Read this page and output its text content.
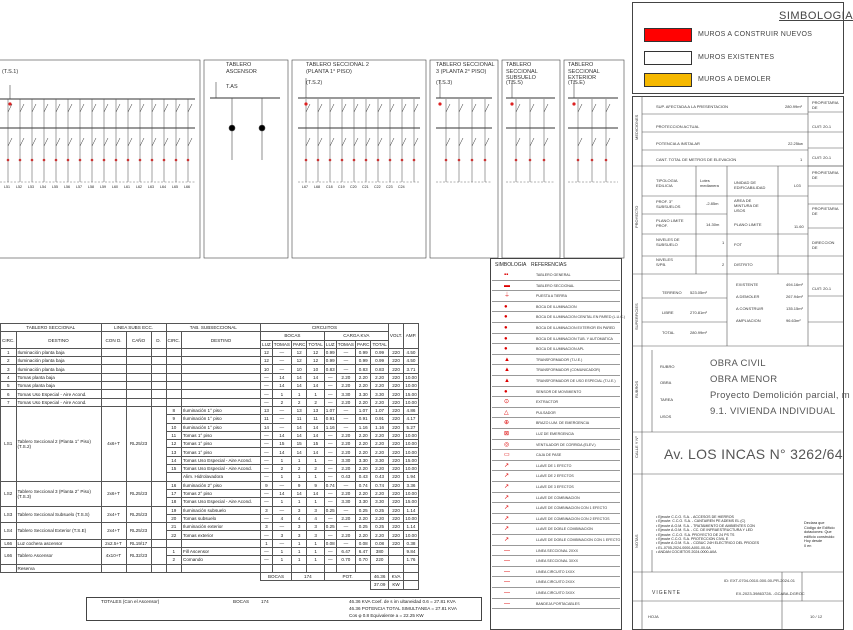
(T.S.1)
TABLERO ASCENSOR
T.AS
TABLERO SECCIONAL 2 (PLANTA 1° PISO)
(T.S.2)
TABLERO SECCIONAL 3 (PLANTA 2° PISO)
(T.S.3)
TABLERO SECCIONAL SUBSUELO
(T.S.S)
TABLERO SECCIONAL EXTERIOR
(T.S.E)
L51 L52 L53 L54 L55 L56 L57 L58 L59 L60 L61 L62 L63 L64 L65 L66	L67 L68 C18 C19 C20 C21 C22 C23 C24
SIMBOLOGIA
MUROS A CONSTRUIR NUEVOS
MUROS EXISTENTES
MUROS A DEMOLER
TABLERO SECCIONAL		LINEA SUBS ECC.			TAB. SUBSECCIONAL		CIRCUITOS								VOLT.	AMP.
CIRC.	DESTINO	CON D.	CAÑO	D.	CIRC.	DESTINO	BOCAS				CARGA KVA					
							LUZ	TOMAS	PARC	TOTAL	LUZ	TOMAS	PARC	TOTAL		
1	Iluminación planta baja						12	—	12	12	0.99	—	0.99	0.99	220	4.50
2	Iluminación planta baja						12	—	12	12	0.99	—	0.99	0.99	220	4.50
3	Iluminación planta baja						10	—	10	10	0.83	—	0.83	0.83	220	3.71
4	Tomas planta baja						—	14	14	14	—	2.20	2.20	2.20	220	10.00
5	Tomas planta baja						—	14	14	14	—	2.20	2.20	2.20	220	10.00
6	Tomas Uso Especial - Aire Acond.						—	1	1	1	—	3.30	3.30	3.30	220	15.00
7	Tomas Uso Especial - Aire Acond.						—	2	2	2	—	2.20	2.20	2.20	220	10.00
LS1	Tablero Seccional 2 (Planta 1° Piso) (T.S.2)	4x6+T	RL25/23		8	Iluminación 1° piso	13	—	13	13	1.07	—	1.07	1.07	220	4.86
					9	Iluminación 1° piso	11	—	11	11	0.91	—	0.91	0.91	220	4.17
					10	Iluminación 1° piso	14	—	14	14	1.16	—	1.16	1.16	220	5.27
					11	Tomas 1° piso	—	14	14	14	—	2.20	2.20	2.20	220	10.00
					12	Tomas 1° piso	—	15	15	15	—	2.20	2.20	2.20	220	10.00
					13	Tomas 1° piso	—	14	14	14	—	2.20	2.20	2.20	220	10.00
					14	Tomas Uso Especial - Aire Acond.	—	1	1	1	—	3.30	3.30	3.30	220	15.00
					15	Tomas Uso Especial - Aire Acond.	—	2	2	2	—	2.20	2.20	2.20	220	10.00
						Alim. Hidrolavadora	—	1	1	1	—	0.43	0.43	0.43	220	1.94
LS2	Tablero Seccional 3 (Planta 2° Piso) (T.S.3)	2x6+T	RL25/23		16	Iluminación 2° piso	9	—	9	9	0.74	—	0.74	0.74	220	3.36
					17	Tomas 2° piso	—	14	14	14	—	2.20	2.20	2.20	220	10.00
					18	Tomas Uso Especial - Aire Acond.	—	1	1	1	—	3.30	3.30	3.30	220	15.00
LS3	Tablero Seccional Subsuelo (T.S.S)	2x4+T	RL25/23		19	Iluminación subsuelo	3	—	3	3	0.25	—	0.25	0.25	220	1.14
					20	Tomas subsuelo	—	4	4	4	—	2.20	2.20	2.20	220	10.00
LS4	Tablero Seccional Exterior (T.S.E)	2x4+T	RL25/23		21	Iluminación exterior	3	—	3	3	0.25	—	0.25	0.25	220	1.14
					22	Tomas exterior	—	3	3	3	—	2.20	2.20	2.20	220	10.00
L66	Luz cochera ascensor	2x2.5+T	RL19/17				1	—	1	1	0.08	—	0.08	0.08	220	0.38
L66	Tablero Ascensor	4x10+T	RL32/23		1	Fill Ascensor	—	1	1	1	—	6.47	6.47	380		9.84
					2	Comando	—	1	1	1	—	0.70	0.70	220		1.76
	Reserva															
							BOCAS		174		POT.			46.36	KVA	
														37.09	KW	
TOTALES (Con el Ascensor)	BOCAS	174	46.36 KVA Coef. de s im ultaneidad 0.6 = 27.81 KVA
46.36 POTENCIA TOTAL SIMULTANEA = 27.81 KVA
Cos φ 0.8 Equivalente a = 22.25 KW
SIMBOLOGIA REFERENCIAS
▪▪	TABLERO GENERAL
▬	TABLERO SECCIONAL
⏚	PUESTA A TIERRA
●	BOCA DE ILUMINACION
●	BOCA DE ILUMINACION CENITAL EN PARED (L.U.C.)
●	BOCA DE ILUMINACION EXTERIOR EN PARED
●	BOCA DE ILUMINACION TUB. Y AUTOMATICA
●	BOCA DE ILUMINACION APL
▲	TRANSFORMADOR (T.U.E.)
▲	TRANSFORMADOR (COMUNICADOR)
▲	TRANSFORMADOR DE USO ESPECIAL (T.U.E.)
●	SENSOR DE MOVIMIENTO
⊙	EXTRACTOR
△	PULSADOR
⊕	BRAZO LUM. DE EMERGENCIA
⊠	LUZ DE EMERGENCIA
◎	VENTILADOR DE CORRIDA (ELEV.)
▭	CAJA DE PASE
↗	LLAVE DE 1 EFECTO
↗	LLAVE DE 2 EFECTOS
↗	LLAVE DE 3 EFECTOS
↗	LLAVE DE COMBINACION
↗	LLAVE DE COMBINACION CON 1 EFECTO
↗	LLAVE DE COMBINACION CON 2 EFECTOS
↗	LLAVE DE DOBLE COMBINACION
↗	LLAVE DE DOBLE COMBINACION CON 1 EFECTO
—	LINEA SECCIONAL 2XXX
—	LINEA SECCIONAL 3XXX
—	LINEA CIRCUITO 1XXX
—	LINEA CIRCUITO 2XXX
—	LINEA CIRCUITO 3XXX
—	BANDEJA PORTACABLES
MEDICIONES
PROYECTO
SUPERFICIES
RUBROS
CALLE Y Nº
NOTAS
SUP. AFECTADA A LA PRESENTACION	280.99m²
PROTECCION ACTUAL
POTENCIA A INSTALAR	22.25kw
CANT. TOTAL DE METROS DE ELEVACION	1
PROPIETARIA DE
CUIT: 20-1
CUIT: 20-1
PROPIETARIA DE
PROPIETARIA DE
DIRECCION DE
CUIT: 20-1
TIPOLOGIA EDILICIA
Lotes medianera
PROF. 3° SUBSUELOS
-2.85m
PLANO LIMITE PROF.	14.30m
NIVELES DE SUBSUELO	1
NIVELES S/PB.	2
UNIDAD DE EDIFICABILIDAD	L03
AREA DE MINTURA DE USOS
PLANO LIMITE	11.60
FOT
DISTRITO
TERRENO 523.05m²
LIBRE	270.81m²
TOTAL	280.99m²
EXISTENTE	494.16m²
A DEMOLER	267.94m²
A CONSTRUIR	135.15m²
AMPLIACION	96.63m²
RUBRO
OBRA
TAREA
USOS
OBRA CIVIL
OBRA MENOR
Proyecto Demolición parcial, m
9.1. VIVIENDA INDIVIDUAL
Av. LOS INCAS N° 3262/64
• Ejecute C.C.O. S.A. - ACCESOS DE HIERROS
• Ejecute: C.C.O. S.A. - CANTAIREN PE ADEMS EL (C)
• Ejecute A.O.M. S.A. - TRATAMIENTO DE AMBIENTES CON
• Ejecute A.O.M. S.A. - CC. DE INFRAESTRUCTURA Y LED
• Ejecute: C.C.O. S.A. PROYECTO DE 24 PS TS
• Ejecute C.C.O. S.A. PROTECCION CIVIL E
• Ejecute A.O.M. S.A. - CCBUC 24H ELECTRICO DEL PROCES
• EL-0705-2024-0000-A001-00-0A
• ANDAN COCIETOS 2024-0000-A0A
Declara que
Código de Edificio
dotaciones: Que
edificio construido
Hoy desde
0 en
VIGENTE
ID: EXT-0704-0010-000-00-PR-2024-01
EX-2023-39863728- -GCABA-DGROC
HOJA	10 / 12
